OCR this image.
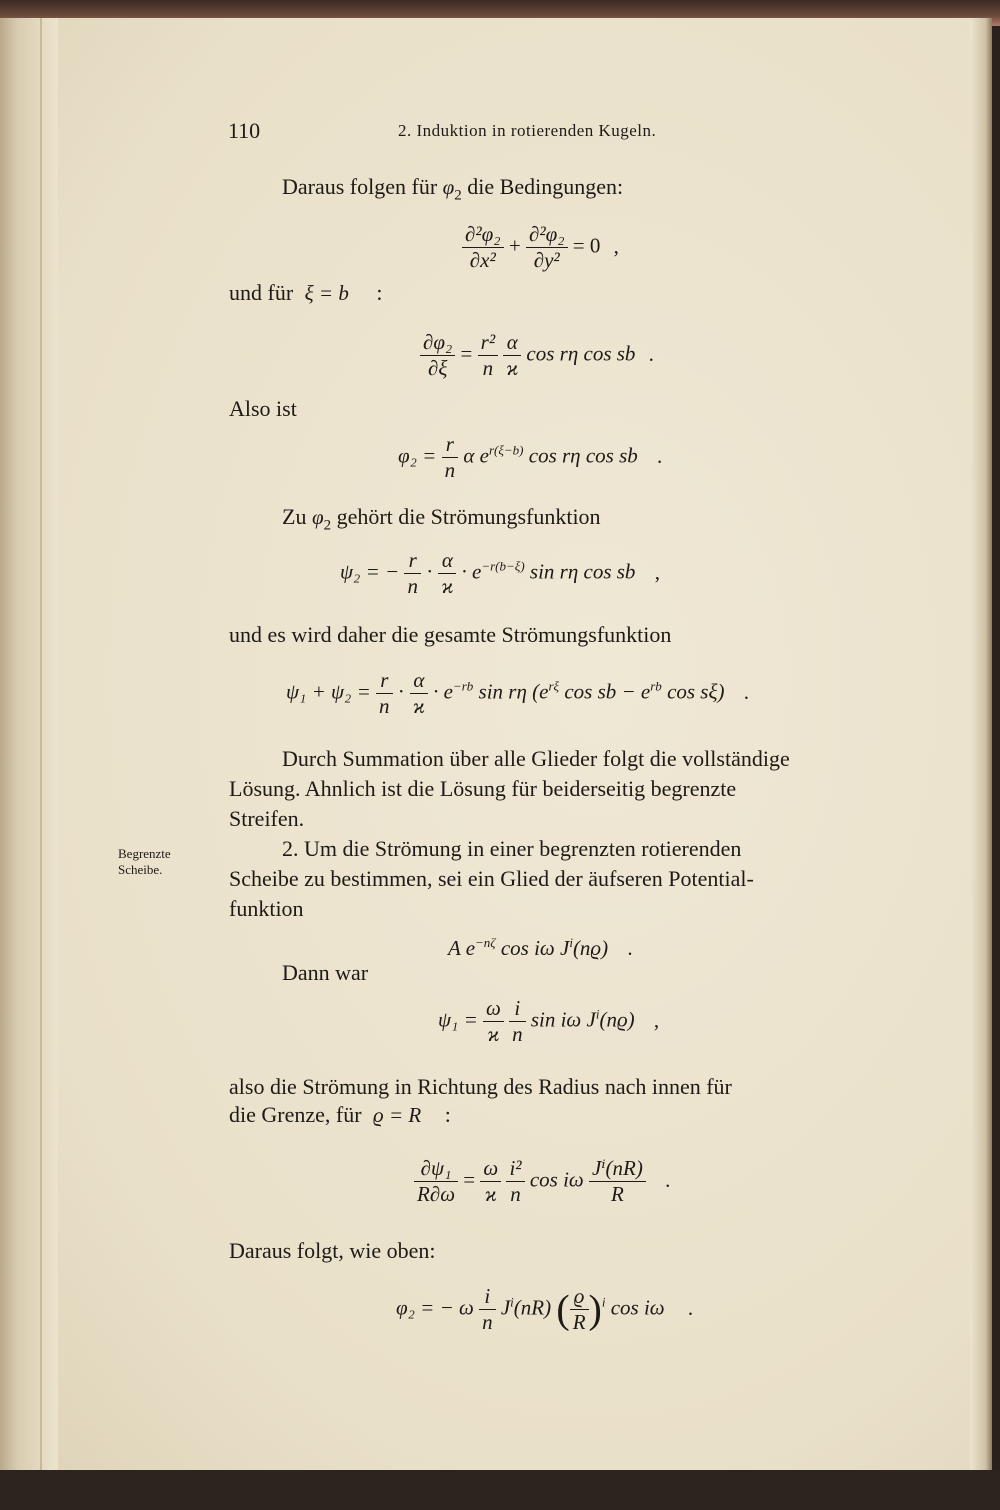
110	2. Induktion in rotierenden Kugeln.
Daraus folgen für $\varphi_2$ die Bedingungen:
$\frac{\text{∂²φ₂}}{\text{∂x²}} + \frac{\text{∂²φ₂}}{\text{∂y²}} = 0$ ,
und für ξ = b :
$\frac{\text{∂φ₂}}{\partial\xi} = \frac{\text{r²}}{n}$
$\frac{\alpha}{ϰ}$ cos rη cos sb .
Also ist
$\varphi_2 = \frac{r}{n}$ α $e^{r(\xi-b)}$ cos rη cos sb .
Zu $\varphi_2$ gehört die Strömungsfunktion
ψ₂ = − $\frac{r}{n} \cdot \frac{\alpha}{ϰ} \cdot e^{-r(b-\xi)}$ sin rη cos sb ,
und es wird daher die gesamte Strömungsfunktion
$\psi_1 + \psi_2 = \frac{r}{n} \cdot \frac{\alpha}{ϰ} \cdot e^{-rb}$ sin rη ($e^{r\xi}$ cos sb − $e^{rb}$ cos sξ) .
Durch Summation über alle Glieder folgt die vollständige
Lösung. Ahnlich ist die Lösung für beiderseitig begrenzte
Streifen.
Begrenzte Scheibe.
2. Um die Strömung in einer begrenzten rotierenden
Scheibe zu bestimmen, sei ein Glied der äufseren Potential-
funktion
A $e^{-n\zeta}$ cos iω $J^i(nϱ)$ .
Dann war
$\psi_1 = \frac{\omega}{ϰ}$
$\frac{i}{n}$ sin iω $J^i(nϱ)$ ,
also die Strömung in Richtung des Radius nach innen für
die Grenze, für ϱ = R :
$\frac{\text{∂ψ₁}}{R\partial\omega} = \frac{\omega}{ϰ}$
$\frac{\text{i²}}{n}$ cos iω $\frac{\text{Jⁱ(nR)}}{R}$ .
Daraus folgt, wie oben:
φ₂ = − ω $\frac{i}{n} J^i(nR)$ ( $\frac{ϱ}{R} )^i$ cos iω .
